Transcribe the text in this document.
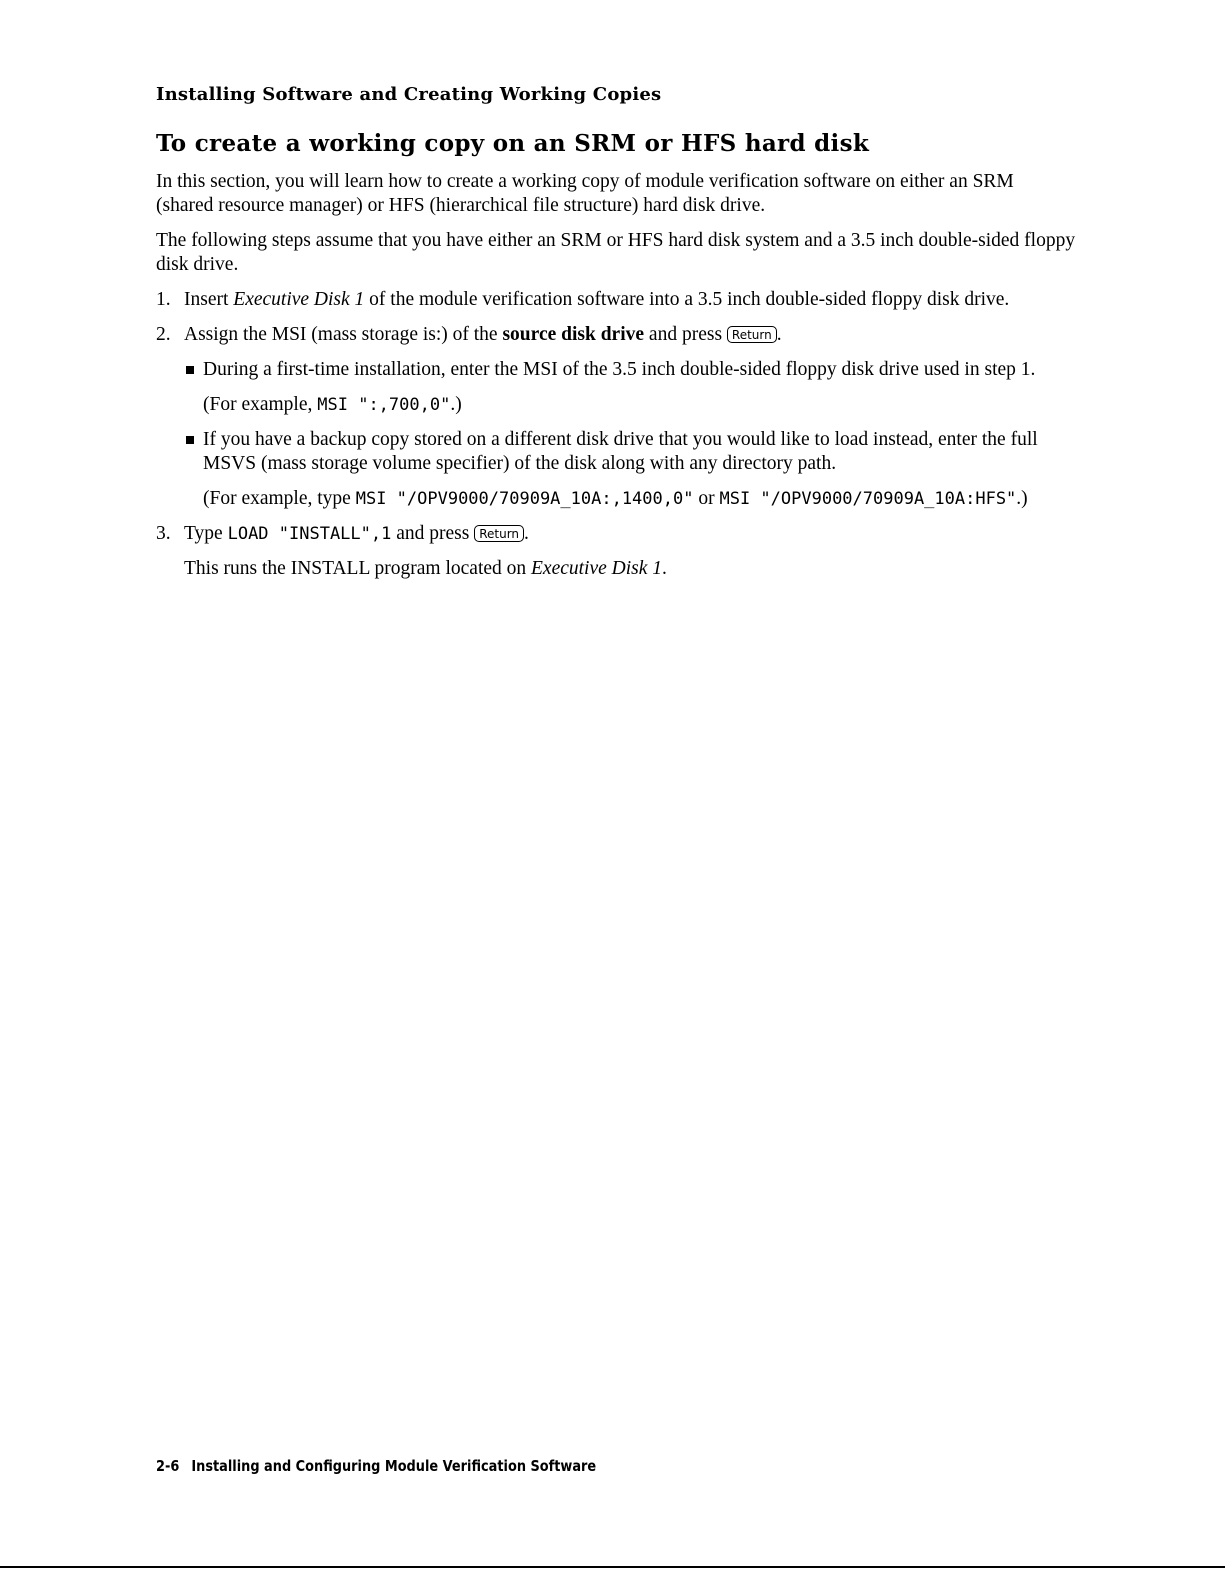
Installing Software and Creating Working Copies
To create a working copy on an SRM or HFS hard disk

In this section, you will learn how to create a working copy of module verification software on either an SRM (shared resource manager) or HFS (hierarchical file structure) hard disk drive.

The following steps assume that you have either an SRM or HFS hard disk system and a 3.5 inch double-sided floppy disk drive.

1. Insert Executive Disk 1 of the module verification software into a 3.5 inch double-sided floppy disk drive.
2. Assign the MSI (mass storage is:) of the source disk drive and press Return .
During a first-time installation, enter the MSI of the 3.5 inch double-sided floppy disk drive used in step 1.
(For example, MSI ":,700,0".)
If you have a backup copy stored on a different disk drive that you would like to load instead, enter the full MSVS (mass storage volume specifier) of the disk along with any directory path.
(For example, type MSI "/OPV9000/70909A_10A:,1400,0" or MSI "/OPV9000/70909A_10A:HFS".)
3. Type LOAD "INSTALL",1 and press Return .
This runs the INSTALL program located on Executive Disk 1.
2-6 Installing and Configuring Module Verification Software
